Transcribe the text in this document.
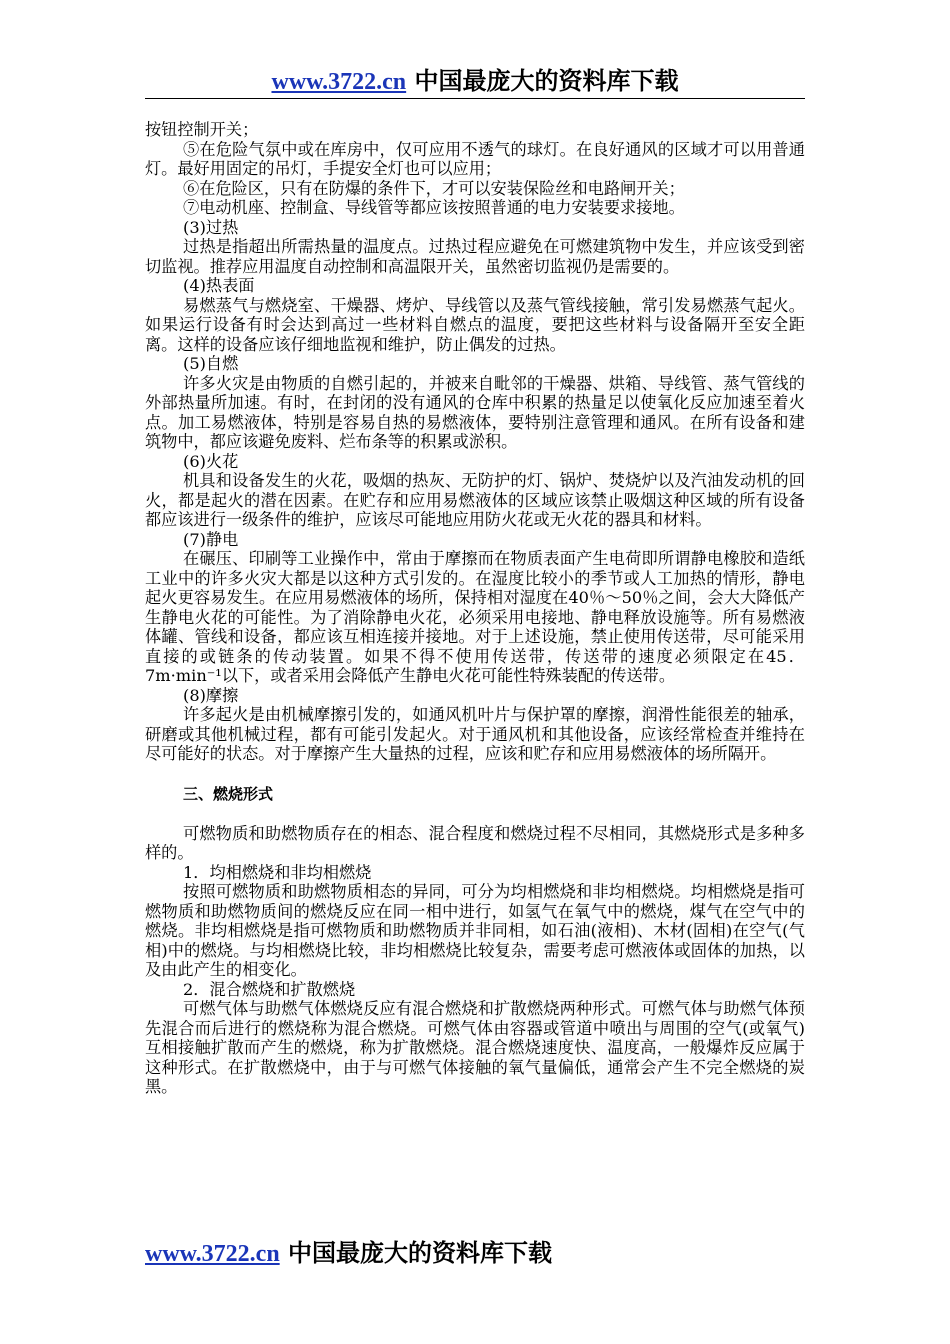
www.3722.cn 中国最庞大的资料库下载

按钮控制开关；

⑤在危险气氛中或在库房中，仅可应用不透气的球灯。在良好通风的区域才可以用普通灯。最好用固定的吊灯，手提安全灯也可以应用；

⑥在危险区，只有在防爆的条件下，才可以安装保险丝和电路闸开关；

⑦电动机座、控制盒、导线管等都应该按照普通的电力安装要求接地。

(3)过热

过热是指超出所需热量的温度点。过热过程应避免在可燃建筑物中发生，并应该受到密切监视。推荐应用温度自动控制和高温限开关，虽然密切监视仍是需要的。

(4)热表面

易燃蒸气与燃烧室、干燥器、烤炉、导线管以及蒸气管线接触，常引发易燃蒸气起火。如果运行设备有时会达到高过一些材料自燃点的温度，要把这些材料与设备隔开至安全距离。这样的设备应该仔细地监视和维护，防止偶发的过热。

(5)自燃

许多火灾是由物质的自燃引起的，并被来自毗邻的干燥器、烘箱、导线管、蒸气管线的外部热量所加速。有时，在封闭的没有通风的仓库中积累的热量足以使氧化反应加速至着火点。加工易燃液体，特别是容易自热的易燃液体，要特别注意管理和通风。在所有设备和建筑物中，都应该避免废料、烂布条等的积累或淤积。

(6)火花

机具和设备发生的火花，吸烟的热灰、无防护的灯、锅炉、焚烧炉以及汽油发动机的回火，都是起火的潜在因素。在贮存和应用易燃液体的区域应该禁止吸烟这种区域的所有设备都应该进行一级条件的维护，应该尽可能地应用防火花或无火花的器具和材料。

(7)静电

在碾压、印刷等工业操作中，常由于摩擦而在物质表面产生电荷即所谓静电橡胶和造纸工业中的许多火灾大都是以这种方式引发的。在湿度比较小的季节或人工加热的情形，静电起火更容易发生。在应用易燃液体的场所，保持相对湿度在40％～50％之间，会大大降低产生静电火花的可能性。为了消除静电火花，必须采用电接地、静电释放设施等。所有易燃液体罐、管线和设备，都应该互相连接并接地。对于上述设施，禁止使用传送带，尽可能采用直接的或链条的传动装置。如果不得不使用传送带，传送带的速度必须限定在45．7m·min⁻¹以下，或者采用会降低产生静电火花可能性特殊装配的传送带。

(8)摩擦

许多起火是由机械摩擦引发的，如通风机叶片与保护罩的摩擦，润滑性能很差的轴承，研磨或其他机械过程，都有可能引发起火。对于通风机和其他设备，应该经常检查并维持在尽可能好的状态。对于摩擦产生大量热的过程，应该和贮存和应用易燃液体的场所隔开。

三、燃烧形式

可燃物质和助燃物质存在的相态、混合程度和燃烧过程不尽相同，其燃烧形式是多种多样的。

1．均相燃烧和非均相燃烧

按照可燃物质和助燃物质相态的异同，可分为均相燃烧和非均相燃烧。均相燃烧是指可燃物质和助燃物质间的燃烧反应在同一相中进行，如氢气在氧气中的燃烧，煤气在空气中的燃烧。非均相燃烧是指可燃物质和助燃物质并非同相，如石油(液相)、木材(固相)在空气(气相)中的燃烧。与均相燃烧比较，非均相燃烧比较复杂，需要考虑可燃液体或固体的加热，以及由此产生的相变化。

2．混合燃烧和扩散燃烧

可燃气体与助燃气体燃烧反应有混合燃烧和扩散燃烧两种形式。可燃气体与助燃气体预先混合而后进行的燃烧称为混合燃烧。可燃气体由容器或管道中喷出与周围的空气(或氧气)互相接触扩散而产生的燃烧，称为扩散燃烧。混合燃烧速度快、温度高，一般爆炸反应属于这种形式。在扩散燃烧中，由于与可燃气体接触的氧气量偏低，通常会产生不完全燃烧的炭黑。

www.3722.cn 中国最庞大的资料库下载
